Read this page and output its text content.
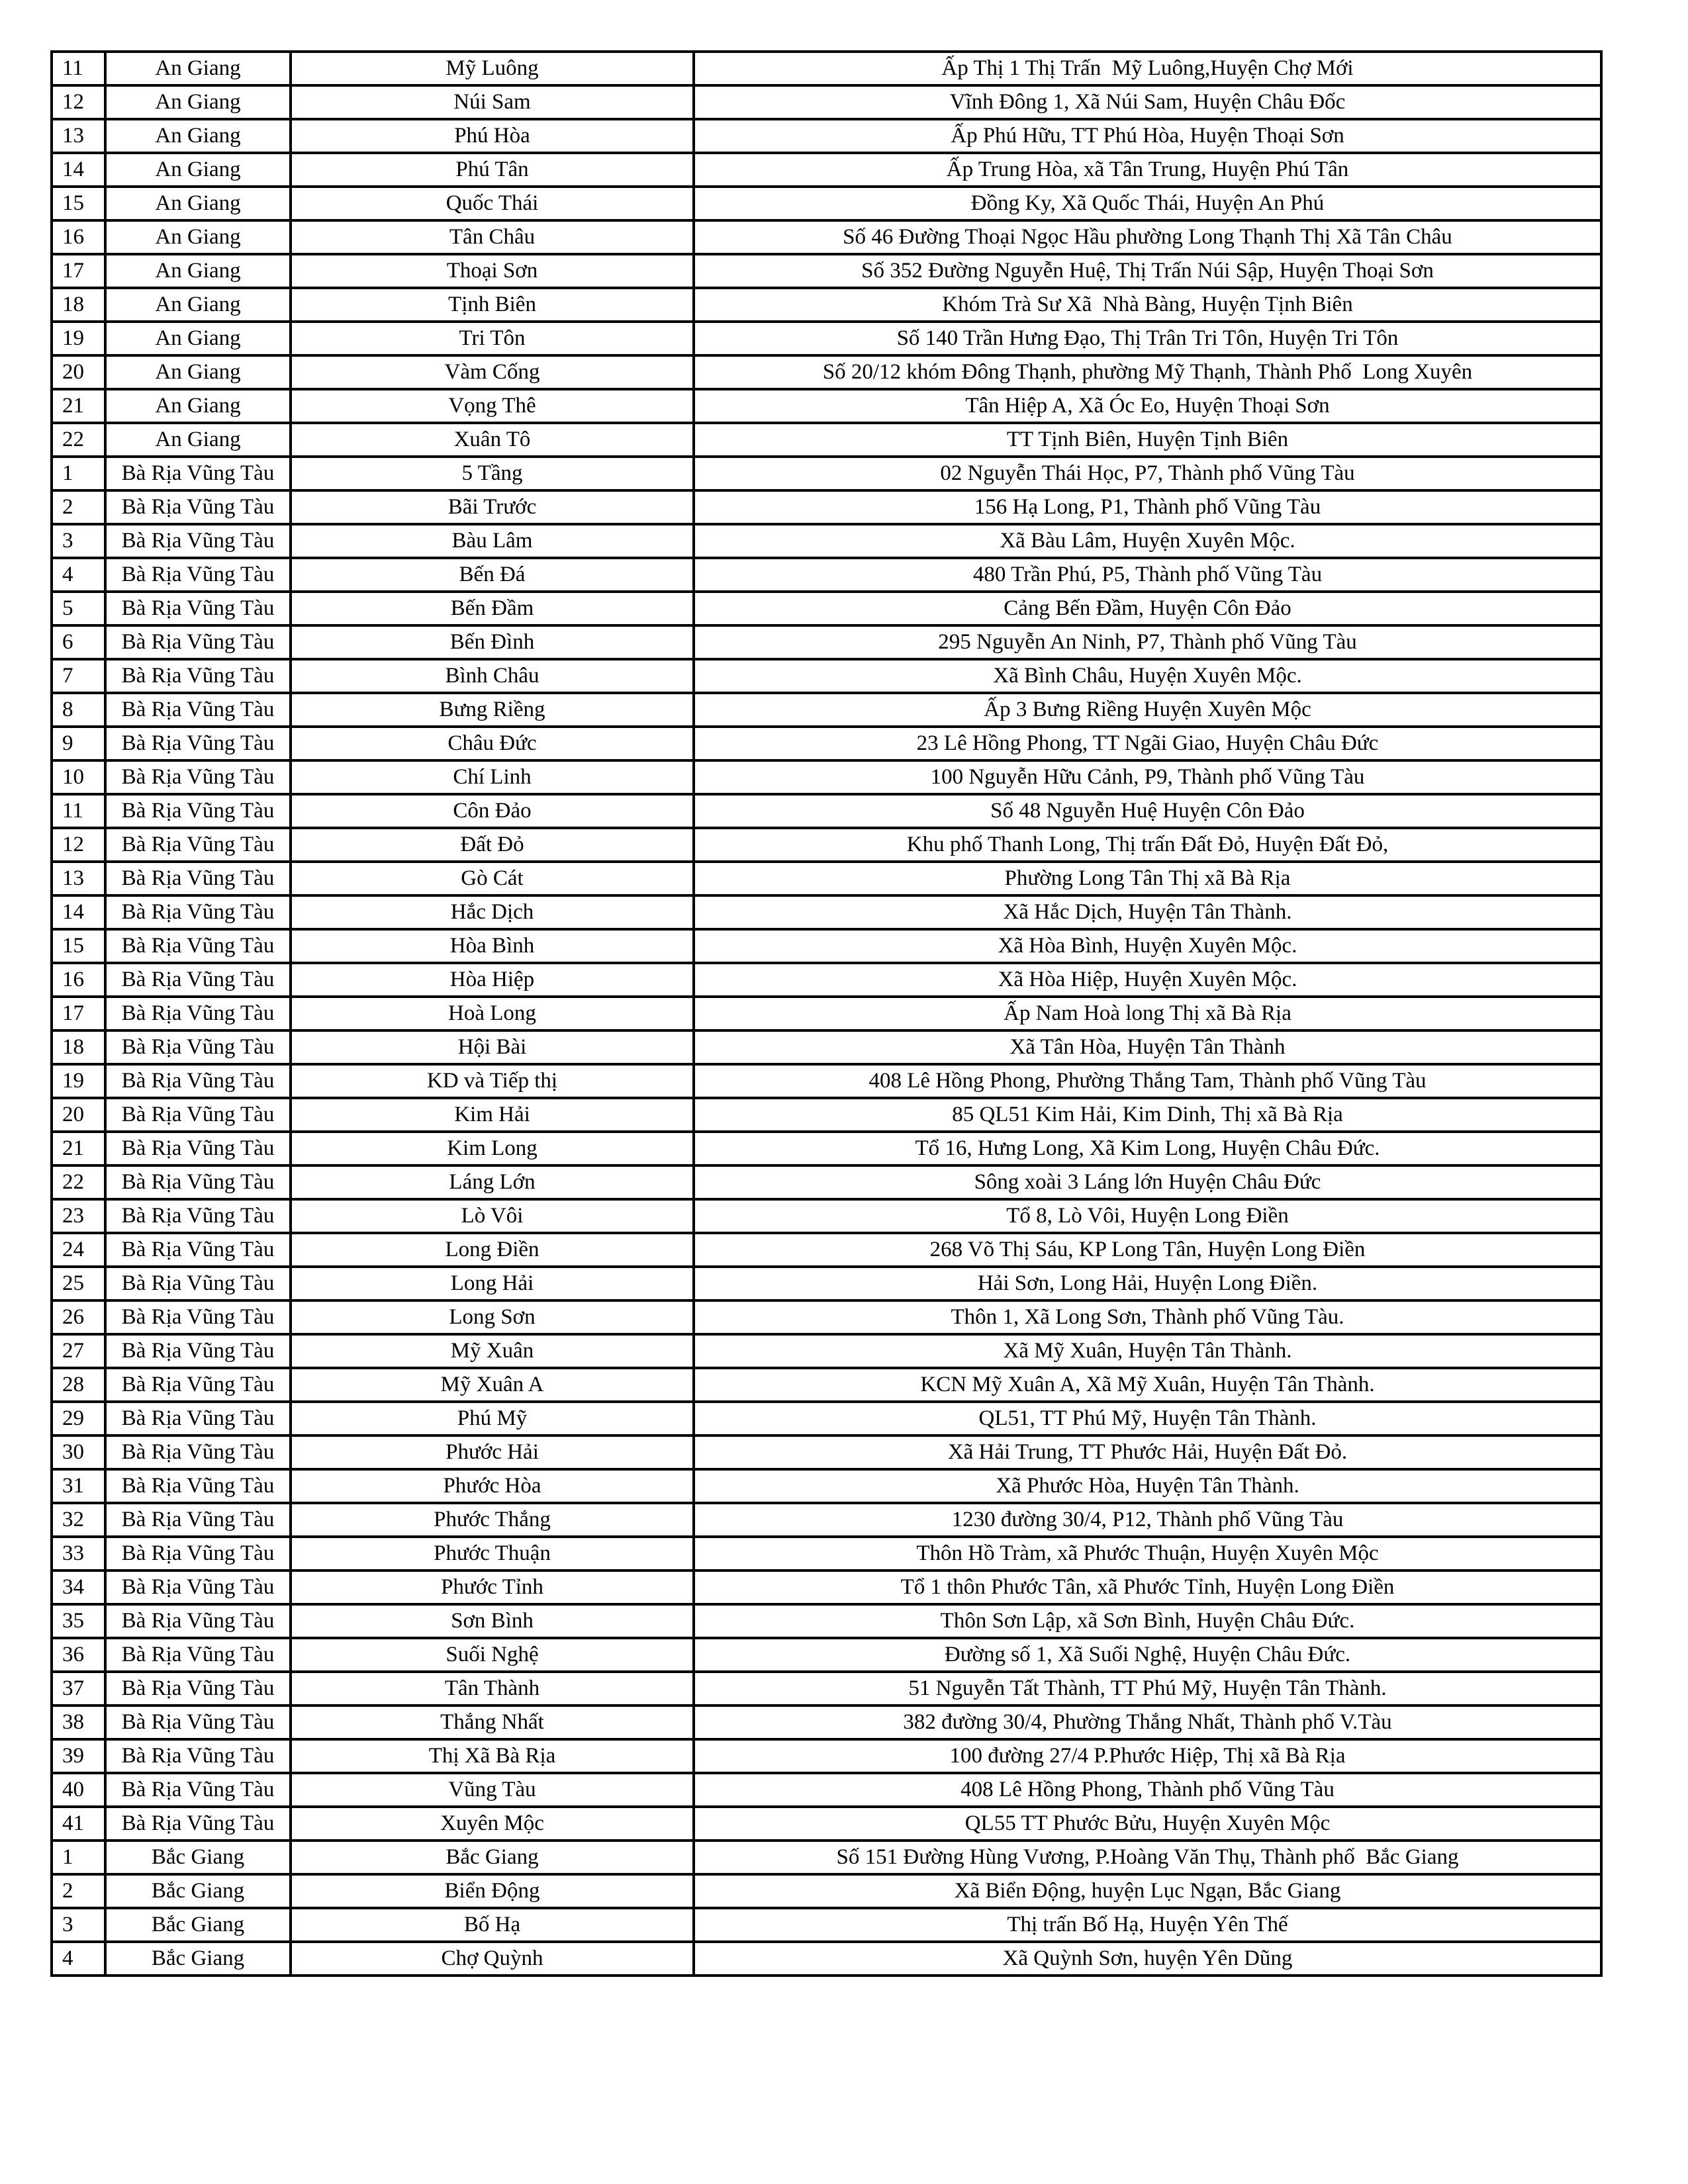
11	An Giang	Mỹ Luông	Ấp Thị 1 Thị Trấn  Mỹ Luông,Huyện Chợ Mới
12	An Giang	Núi Sam	Vĩnh Đông 1, Xã Núi Sam, Huyện Châu Đốc
13	An Giang	Phú Hòa	Ấp Phú Hữu, TT Phú Hòa, Huyện Thoại Sơn
14	An Giang	Phú Tân	Ấp Trung Hòa, xã Tân Trung, Huyện Phú Tân
15	An Giang	Quốc Thái	Đồng Ky, Xã Quốc Thái, Huyện An Phú
16	An Giang	Tân Châu	Số 46 Đường Thoại Ngọc Hầu phường Long Thạnh Thị Xã Tân Châu
17	An Giang	Thoại Sơn	Số 352 Đường Nguyễn Huệ, Thị Trấn Núi Sập, Huyện Thoại Sơn
18	An Giang	Tịnh Biên	Khóm Trà Sư Xã  Nhà Bàng, Huyện Tịnh Biên
19	An Giang	Tri Tôn	Số 140 Trần Hưng Đạo, Thị Trân Tri Tôn, Huyện Tri Tôn
20	An Giang	Vàm Cống	Số 20/12 khóm Đông Thạnh, phường Mỹ Thạnh, Thành Phố  Long Xuyên
21	An Giang	Vọng Thê	Tân Hiệp A, Xã Óc Eo, Huyện Thoại Sơn
22	An Giang	Xuân Tô	TT Tịnh Biên, Huyện Tịnh Biên
1	Bà Rịa Vũng Tàu	5 Tầng	02 Nguyễn Thái Học, P7, Thành phố Vũng Tàu
2	Bà Rịa Vũng Tàu	Bãi Trước	156 Hạ Long, P1, Thành phố Vũng Tàu
3	Bà Rịa Vũng Tàu	Bàu Lâm	Xã Bàu Lâm, Huyện Xuyên Mộc.
4	Bà Rịa Vũng Tàu	Bến Đá	480 Trần Phú, P5, Thành phố Vũng Tàu
5	Bà Rịa Vũng Tàu	Bến Đầm	Cảng Bến Đầm, Huyện Côn Đảo
6	Bà Rịa Vũng Tàu	Bến Đình	295 Nguyễn An Ninh, P7, Thành phố Vũng Tàu
7	Bà Rịa Vũng Tàu	Bình Châu	Xã Bình Châu, Huyện Xuyên Mộc.
8	Bà Rịa Vũng Tàu	Bưng Riềng	Ấp 3 Bưng Riềng Huyện Xuyên Mộc
9	Bà Rịa Vũng Tàu	Châu Đức	23 Lê Hồng Phong, TT Ngãi Giao, Huyện Châu Đức
10	Bà Rịa Vũng Tàu	Chí Linh	100 Nguyễn Hữu Cảnh, P9, Thành phố Vũng Tàu
11	Bà Rịa Vũng Tàu	Côn Đảo	Số 48 Nguyễn Huệ Huyện Côn Đảo
12	Bà Rịa Vũng Tàu	Đất Đỏ	Khu phố Thanh Long, Thị trấn Đất Đỏ, Huyện Đất Đỏ,
13	Bà Rịa Vũng Tàu	Gò Cát	Phường Long Tân Thị xã Bà Rịa
14	Bà Rịa Vũng Tàu	Hắc Dịch	Xã Hắc Dịch, Huyện Tân Thành.
15	Bà Rịa Vũng Tàu	Hòa Bình	Xã Hòa Bình, Huyện Xuyên Mộc.
16	Bà Rịa Vũng Tàu	Hòa Hiệp	Xã Hòa Hiệp, Huyện Xuyên Mộc.
17	Bà Rịa Vũng Tàu	Hoà Long	Ấp Nam Hoà long Thị xã Bà Rịa
18	Bà Rịa Vũng Tàu	Hội Bài	Xã Tân Hòa, Huyện Tân Thành
19	Bà Rịa Vũng Tàu	KD và Tiếp thị	408 Lê Hồng Phong, Phường Thắng Tam, Thành phố Vũng Tàu
20	Bà Rịa Vũng Tàu	Kim Hải	85 QL51 Kim Hải, Kim Dinh, Thị xã Bà Rịa
21	Bà Rịa Vũng Tàu	Kim Long	Tổ 16, Hưng Long, Xã Kim Long, Huyện Châu Đức.
22	Bà Rịa Vũng Tàu	Láng Lớn	Sông xoài 3 Láng lớn Huyện Châu Đức
23	Bà Rịa Vũng Tàu	Lò Vôi	Tổ 8, Lò Vôi, Huyện Long Điền
24	Bà Rịa Vũng Tàu	Long Điền	268 Võ Thị Sáu, KP Long Tân, Huyện Long Điền
25	Bà Rịa Vũng Tàu	Long Hải	Hải Sơn, Long Hải, Huyện Long Điền.
26	Bà Rịa Vũng Tàu	Long Sơn	Thôn 1, Xã Long Sơn, Thành phố Vũng Tàu.
27	Bà Rịa Vũng Tàu	Mỹ Xuân	Xã Mỹ Xuân, Huyện Tân Thành.
28	Bà Rịa Vũng Tàu	Mỹ Xuân A	KCN Mỹ Xuân A, Xã Mỹ Xuân, Huyện Tân Thành.
29	Bà Rịa Vũng Tàu	Phú Mỹ	QL51, TT Phú Mỹ, Huyện Tân Thành.
30	Bà Rịa Vũng Tàu	Phước Hải	Xã Hải Trung, TT Phước Hải, Huyện Đất Đỏ.
31	Bà Rịa Vũng Tàu	Phước Hòa	Xã Phước Hòa, Huyện Tân Thành.
32	Bà Rịa Vũng Tàu	Phước Thắng	1230 đường 30/4, P12, Thành phố Vũng Tàu
33	Bà Rịa Vũng Tàu	Phước Thuận	Thôn Hồ Tràm, xã Phước Thuận, Huyện Xuyên Mộc
34	Bà Rịa Vũng Tàu	Phước Tỉnh	Tổ 1 thôn Phước Tân, xã Phước Tỉnh, Huyện Long Điền
35	Bà Rịa Vũng Tàu	Sơn Bình	Thôn Sơn Lập, xã Sơn Bình, Huyện Châu Đức.
36	Bà Rịa Vũng Tàu	Suối Nghệ	Đường số 1, Xã Suối Nghệ, Huyện Châu Đức.
37	Bà Rịa Vũng Tàu	Tân Thành	51 Nguyễn Tất Thành, TT Phú Mỹ, Huyện Tân Thành.
38	Bà Rịa Vũng Tàu	Thắng Nhất	382 đường 30/4, Phường Thắng Nhất, Thành phố V.Tàu
39	Bà Rịa Vũng Tàu	Thị Xã Bà Rịa	100 đường 27/4 P.Phước Hiệp, Thị xã Bà Rịa
40	Bà Rịa Vũng Tàu	Vũng Tàu	408 Lê Hồng Phong, Thành phố Vũng Tàu
41	Bà Rịa Vũng Tàu	Xuyên Mộc	QL55 TT Phước Bửu, Huyện Xuyên Mộc
1	Bắc Giang	Bắc Giang	Số 151 Đường Hùng Vương, P.Hoàng Văn Thụ, Thành phố  Bắc Giang
2	Bắc Giang	Biển Động	Xã Biển Động, huyện Lục Ngạn, Bắc Giang
3	Bắc Giang	Bố Hạ	Thị trấn Bố Hạ, Huyện Yên Thế
4	Bắc Giang	Chợ Quỳnh	Xã Quỳnh Sơn, huyện Yên Dũng
